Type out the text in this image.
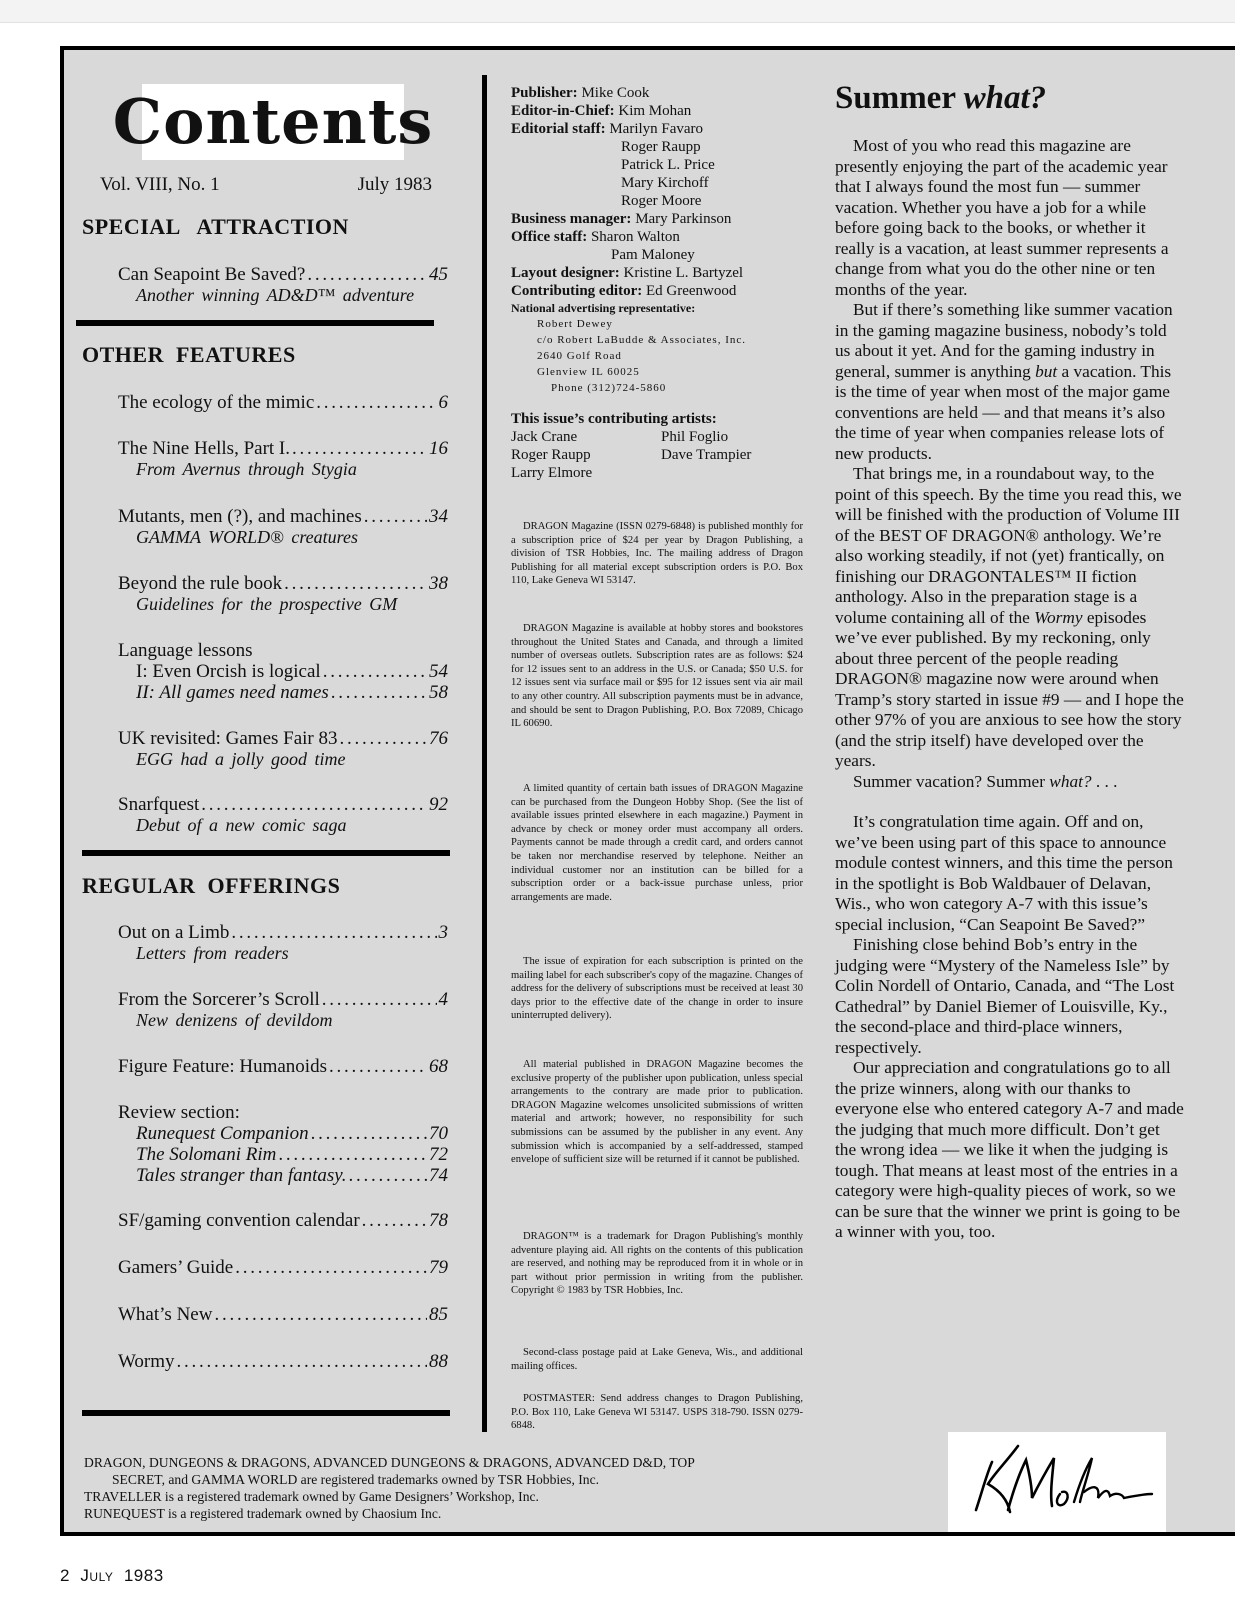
Contents
Vol. VIII, No. 1	July 1983
SPECIAL   ATTRACTION
Can Seapoint Be Saved? . . .	45
Another winning AD&D™ adventure
OTHER  FEATURES
The ecology of the mimic . . .	6
The Nine Hells, Part I. . . .	16
From Avernus through Stygia
Mutants, men (?), and machines . . .	34
GAMMA WORLD® creatures
Beyond the rule book . . .	38
Guidelines for the prospective GM
Language lessons
I: Even Orcish is logical . . .	54
II: All games need names . . .	58
UK revisited: Games Fair 83 . . .	76
EGG had a jolly good time
Snarfquest . . .	92
Debut of a new comic saga
REGULAR  OFFERINGS
Out on a Limb . . .	3
Letters from readers
From the Sorcerer’s Scroll . . .	4
New denizens of devildom
Figure Feature: Humanoids . . .	68
Review section:
Runequest Companion . . .	70
The Solomani Rim . . .	72
Tales stranger than fantasy. . . .	74
SF/gaming convention calendar . . .	78
Gamers’ Guide . . .	79
What’s New . . .	85
Wormy . . .	88
Publisher: Mike Cook
Editor-in-Chief: Kim Mohan
Editorial staff: Marilyn Favaro
Roger Raupp
Patrick L. Price
Mary Kirchoff
Roger Moore
Business manager: Mary Parkinson
Office staff: Sharon Walton
Pam Maloney
Layout designer: Kristine L. Bartyzel
Contributing editor: Ed Greenwood
National advertising representative:
Robert Dewey
c/o Robert LaBudde & Associates, Inc.
2640 Golf Road
Glenview IL 60025
Phone (312)724-5860
This issue’s contributing artists:
Jack Crane	Phil Foglio
Roger Raupp	Dave Trampier
Larry Elmore
DRAGON Magazine (ISSN 0279-6848) is published monthly for a subscription price of $24 per year by Dragon Publishing, a division of TSR Hobbies, Inc. The mailing address of Dragon Publishing for all material except subscription orders is P.O. Box 110, Lake Geneva WI 53147.
DRAGON Magazine is available at hobby stores and bookstores throughout the United States and Canada, and through a limited number of overseas outlets. Subscription rates are as follows: $24 for 12 issues sent to an address in the U.S. or Canada; $50 U.S. for 12 issues sent via surface mail or $95 for 12 issues sent via air mail to any other country. All subscription payments must be in advance, and should be sent to Dragon Publishing, P.O. Box 72089, Chicago IL 60690.
A limited quantity of certain bath issues of DRAGON Magazine can be purchased from the Dungeon Hobby Shop. (See the list of available issues printed elsewhere in each magazine.) Payment in advance by check or money order must accompany all orders. Payments cannot be made through a credit card, and orders cannot be taken nor merchandise reserved by telephone. Neither an individual customer nor an institution can be billed for a subscription order or a back-issue purchase unless, prior arrangements are made.
The issue of expiration for each subscription is printed on the mailing label for each subscriber's copy of the magazine. Changes of address for the delivery of subscriptions must be received at least 30 days prior to the effective date of the change in order to insure uninterrupted delivery).
All material published in DRAGON Magazine becomes the exclusive property of the publisher upon publication, unless special arrangements to the contrary are made prior to publication. DRAGON Magazine welcomes unsolicited submissions of written material and artwork; however, no responsibility for such submissions can be assumed by the publisher in any event. Any submission which is accompanied by a self-addressed, stamped envelope of sufficient size will be returned if it cannot be published.
DRAGON™ is a trademark for Dragon Publishing's monthly adventure playing aid. All rights on the contents of this publication are reserved, and nothing may be reproduced from it in whole or in part without prior permission in writing from the publisher. Copyright © 1983 by TSR Hobbies, Inc.
Second-class postage paid at Lake Geneva, Wis., and additional mailing offices.
POSTMASTER: Send address changes to Dragon Publishing, P.O. Box 110, Lake Geneva WI 53147. USPS 318-790. ISSN 0279-6848.
Summer what?

Most of you who read this magazine are presently enjoying the part of the academic year that I always found the most fun — summer vacation. Whether you have a job for a while before going back to the books, or whether it really is a vacation, at least summer represents a change from what you do the other nine or ten months of the year.

But if there’s something like summer vacation in the gaming magazine business, nobody’s told us about it yet. And for the gaming industry in general, summer is anything but a vacation. This is the time of year when most of the major game conventions are held — and that means it’s also the time of year when companies release lots of new products.

That brings me, in a roundabout way, to the point of this speech. By the time you read this, we will be finished with the production of Volume III of the BEST OF DRAGON® anthology. We’re also working steadily, if not (yet) frantically, on finishing our DRAGONTALES™ II fiction anthology. Also in the preparation stage is a volume containing all of the Wormy episodes we’ve ever published. By my reckoning, only about three percent of the people reading DRAGON® magazine now were around when Tramp’s story started in issue #9 — and I hope the other 97% of you are anxious to see how the story (and the strip itself) have developed over the years.

Summer vacation? Summer what? . . .

It’s congratulation time again. Off and on, we’ve been using part of this space to announce module contest winners, and this time the person in the spotlight is Bob Waldbauer of Delavan, Wis., who won category A-7 with this issue’s special inclusion, “Can Seapoint Be Saved?”

Finishing close behind Bob’s entry in the judging were “Mystery of the Nameless Isle” by Colin Nordell of Ontario, Canada, and “The Lost Cathedral” by Daniel Biemer of Louisville, Ky., the second-place and third-place winners, respectively.

Our appreciation and congratulations go to all the prize winners, along with our thanks to everyone else who entered category A-7 and made the judging that much more difficult. Don’t get the wrong idea — we like it when the judging is tough. That means at least most of the entries in a category were high-quality pieces of work, so we can be sure that the winner we print is going to be a winner with you, too.

DRAGON, DUNGEONS & DRAGONS, ADVANCED DUNGEONS & DRAGONS, ADVANCED D&D, TOP
SECRET, and GAMMA WORLD are registered trademarks owned by TSR Hobbies, Inc.
TRAVELLER is a registered trademark owned by Game Designers’ Workshop, Inc.
RUNEQUEST is a registered trademark owned by Chaosium Inc.
2 July 1983
